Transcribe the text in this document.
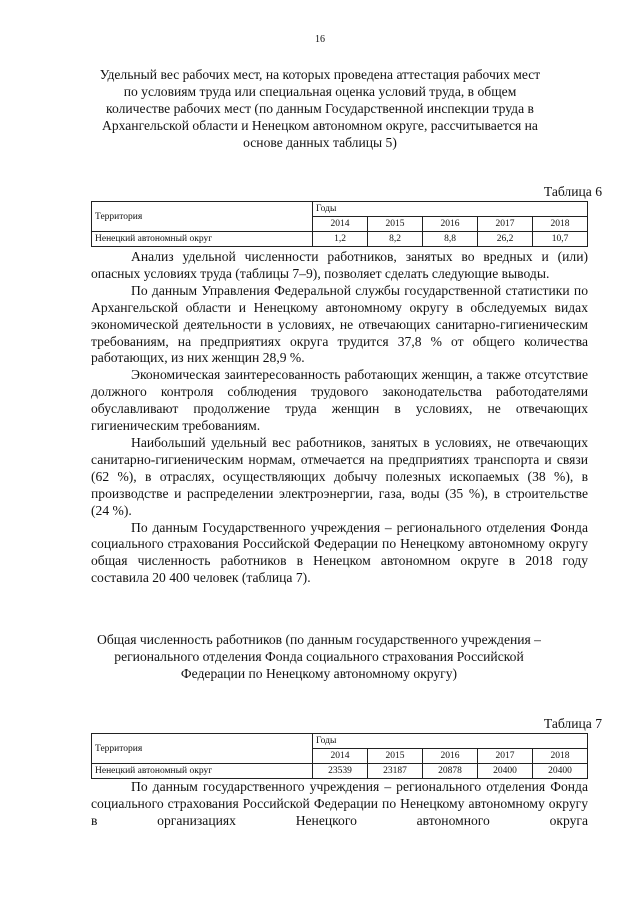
16
Удельный вес рабочих мест, на которых проведена аттестация рабочих мест по условиям труда или специальная оценка условий труда, в общем количестве рабочих мест (по данным Государственной инспекции труда в Архангельской области и Ненецком автономном округе, рассчитывается на основе данных таблицы 5)
Таблица 6
Территория	Годы				
	2014	2015	2016	2017	2018
Ненецкий автономный округ	1,2	8,2	8,8	26,2	10,7

Анализ удельной численности работников, занятых во вредных и (или) опасных условиях труда (таблицы 7–9), позволяет сделать следующие выводы.

По данным Управления Федеральной службы государственной статистики по Архангельской области и Ненецкому автономному округу в обследуемых видах экономической деятельности в условиях, не отвечающих санитарно-гигиеническим требованиям, на предприятиях округа трудится 37,8 % от общего количества работающих, из них женщин 28,9 %.

Экономическая заинтересованность работающих женщин, а также отсутствие должного контроля соблюдения трудового законодательства работодателями обуславливают продолжение труда женщин в условиях, не отвечающих гигиеническим требованиям.

Наибольший удельный вес работников, занятых в условиях, не отвечающих санитарно-гигиеническим нормам, отмечается на предприятиях транспорта и связи (62 %), в отраслях, осуществляющих добычу полезных ископаемых (38 %), в производстве и распределении электроэнергии, газа, воды (35 %), в строительстве (24 %).

По данным Государственного учреждения – регионального отделения Фонда социального страхования Российской Федерации по Ненецкому автономному округу общая численность работников в Ненецком автономном округе в 2018 году составила 20 400 человек (таблица 7).

Общая численность работников (по данным государственного учреждения – регионального отделения Фонда социального страхования Российской Федерации по Ненецкому автономному округу)
Таблица 7
Территория	Годы				
	2014	2015	2016	2017	2018
Ненецкий автономный округ	23539	23187	20878	20400	20400

По данным государственного учреждения – регионального отделения Фонда социального страхования Российской Федерации по Ненецкому автономному округу в организациях Ненецкого автономного округа
